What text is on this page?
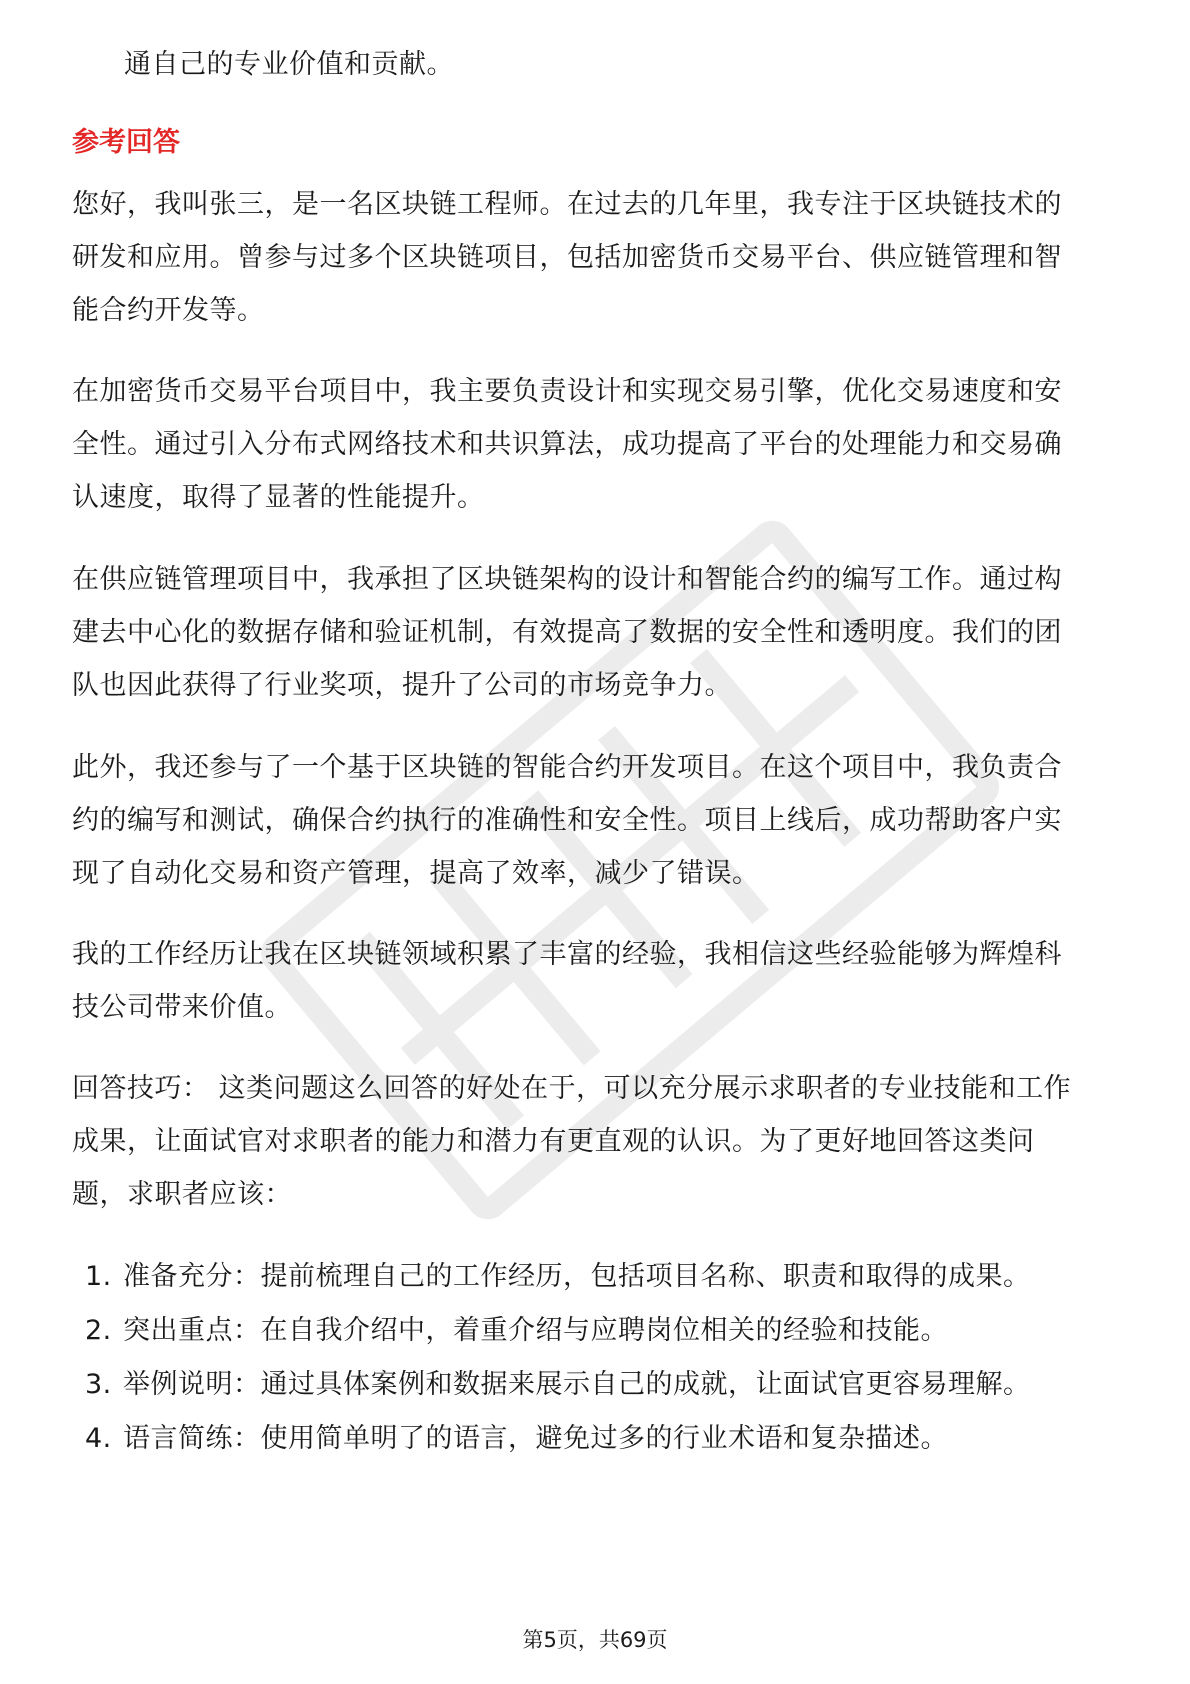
通自己的专业价值和贡献。
参考回答
您好，我叫张三，是一名区块链工程师。在过去的几年里，我专注于区块链技术的
研发和应用。曾参与过多个区块链项目，包括加密货币交易平台、供应链管理和智
能合约开发等。
在加密货币交易平台项目中，我主要负责设计和实现交易引擎，优化交易速度和安
全性。通过引入分布式网络技术和共识算法，成功提高了平台的处理能力和交易确
认速度，取得了显著的性能提升。
在供应链管理项目中，我承担了区块链架构的设计和智能合约的编写工作。通过构
建去中心化的数据存储和验证机制，有效提高了数据的安全性和透明度。我们的团
队也因此获得了行业奖项，提升了公司的市场竞争力。
此外，我还参与了一个基于区块链的智能合约开发项目。在这个项目中，我负责合
约的编写和测试，确保合约执行的准确性和安全性。项目上线后，成功帮助客户实
现了自动化交易和资产管理，提高了效率，减少了错误。
我的工作经历让我在区块链领域积累了丰富的经验，我相信这些经验能够为辉煌科
技公司带来价值。
回答技巧： 这类问题这么回答的好处在于，可以充分展示求职者的专业技能和工作
成果，让面试官对求职者的能力和潜力有更直观的认识。为了更好地回答这类问
题，求职者应该：
1. 准备充分：提前梳理自己的工作经历，包括项目名称、职责和取得的成果。
2. 突出重点：在自我介绍中，着重介绍与应聘岗位相关的经验和技能。
3. 举例说明：通过具体案例和数据来展示自己的成就，让面试官更容易理解。
4. 语言简练：使用简单明了的语言，避免过多的行业术语和复杂描述。
第5页，共69页
